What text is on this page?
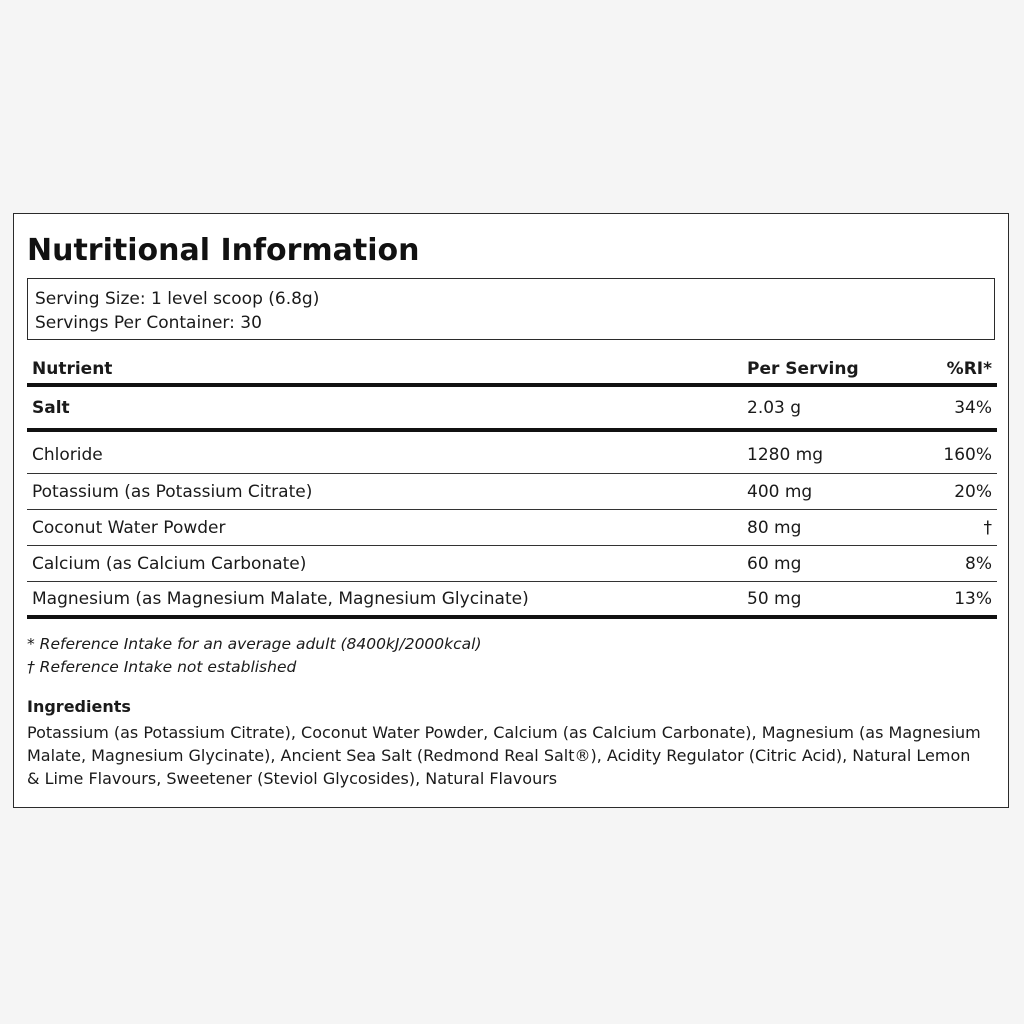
Nutritional Information
Serving Size: 1 level scoop (6.8g)
Servings Per Container: 30
Nutrient	Per Serving	%RI*
Salt	2.03 g	34%
Chloride	1280 mg	160%
Potassium (as Potassium Citrate)	400 mg	20%
Coconut Water Powder	80 mg	†
Calcium (as Calcium Carbonate)	60 mg	8%
Magnesium (as Magnesium Malate, Magnesium Glycinate)	50 mg	13%
* Reference Intake for an average adult (8400kJ/2000kcal)
† Reference Intake not established
Ingredients
Potassium (as Potassium Citrate), Coconut Water Powder, Calcium (as Calcium Carbonate), Magnesium (as Magnesium Malate, Magnesium Glycinate), Ancient Sea Salt (Redmond Real Salt®), Acidity Regulator (Citric Acid), Natural Lemon & Lime Flavours, Sweetener (Steviol Glycosides), Natural Flavours
